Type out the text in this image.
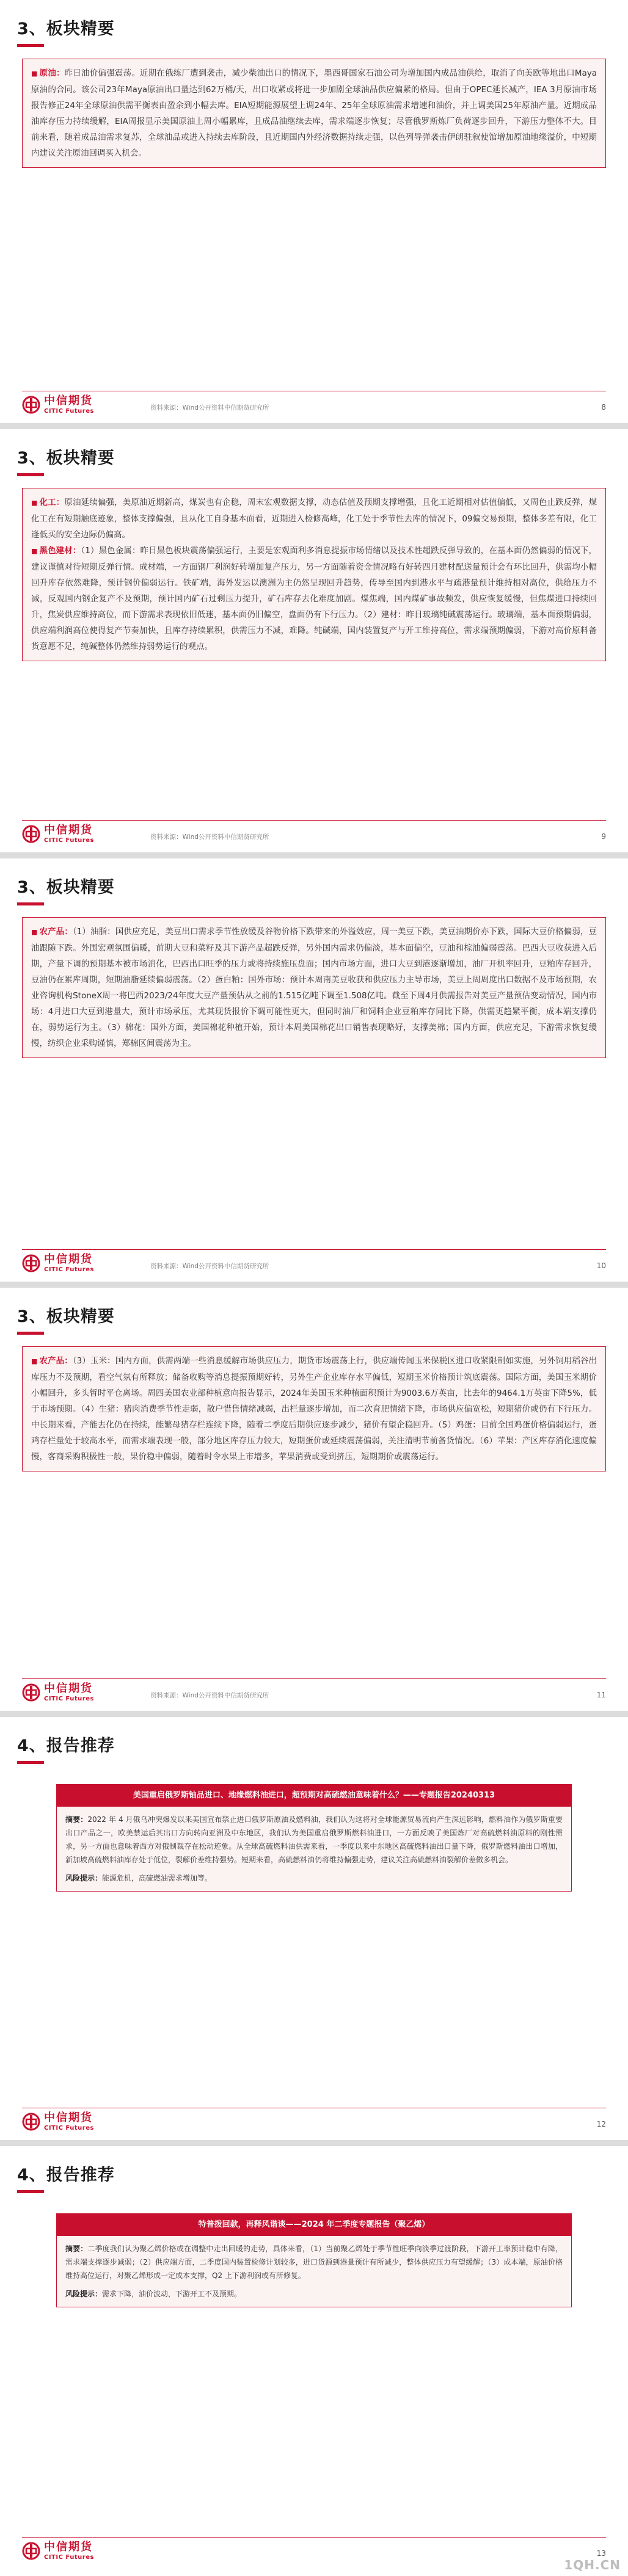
3、板块精要

■ 原油：昨日油价偏强震荡。近期在俄练厂遭到袭击，减少柴油出口的情况下，墨西哥国家石油公司为增加国内成品油供给，取消了向美欧等地出口Maya原油的合同。该公司23年Maya原油出口量达到62万桶/天，出口收紧或将进一步加剧全球油品供应偏紧的格局。但由于OPEC延长减产，IEA 3月原油市场报告修正24年全球原油供需平衡表由盈余到小幅去库。EIA短期能源展望上调24年、25年全球原油需求增速和油价，并上调美国25年原油产量。近期成品油库存压力持续缓解，EIA周报显示美国原油上周小幅累库，且成品油继续去库，需求端逐步恢复；尽管俄罗斯炼厂负荷逐步回升，下游压力整体不大。目前来看，随着成品油需求复苏，全球油品或进入持续去库阶段，且近期国内外经济数据持续走强，以色列导弹袭击伊朗驻叙使馆增加原油地缘溢价，中短期内建议关注原油回调买入机会。

中信期货
CITIC Futures	资料来源：Wind公开资料中信期货研究所	8
3、板块精要

■ 化工：原油延续偏强，美原油近期新高，煤炭也有企稳，周末宏观数据支撑，动态估值及预期支撑增强，且化工近期相对估值偏低，又周色止跌反弹，煤化工在有短期触底迹象，整体支撑偏强，且从化工自身基本面看，近期进入检修高峰，化工处于季节性去库的情况下，09偏交易预期，整体多差有限，化工逢低买的安全边际仍偏高。

■ 黑色建材：（1）黑色金属：昨日黑色板块震荡偏强运行，主要是宏观面利多消息提振市场情绪以及技术性超跌反弹导致的，在基本面仍然偏弱的情况下，建议谨慎对待短期反弹行情。成材端，一方面钢厂利润好转增加复产压力，另一方面随着资金情况略有好转四月建材配送量预计会有环比回升，供需均小幅回升库存依然难降，预计钢价偏弱运行。铁矿端，海外发运以澳洲为主仍然呈现回升趋势，传导至国内到港水平与疏港量预计维持相对高位，供给压力不减，反观国内钢企复产不及预期，预计国内矿石过剩压力提升，矿石库存去化难度加剧。煤焦端，国内煤矿事故频发，供应恢复缓慢，但焦煤进口持续回升，焦炭供应维持高位，而下游需求表现依旧低迷，基本面仍旧偏空，盘面仍有下行压力。（2）建材：昨日玻璃纯碱震荡运行。玻璃端，基本面预期偏弱，供应端利润高位使得复产节奏加快，且库存持续累积，供需压力不减，难降。纯碱端，国内装置复产与开工维持高位，需求端预期偏弱，下游对高价原料备货意愿不足，纯碱整体仍然维持弱势运行的观点。

中信期货
CITIC Futures	资料来源：Wind公开资料中信期货研究所	9
3、板块精要

■ 农产品：（1）油脂：国供应充足，美豆出口需求季节性放缓及谷物价格下跌带来的外溢效应，周一美豆下跌，美豆油期价亦下跌，国际大豆价格偏弱，豆油跟随下跌。外围宏观氛围偏暖，前期大豆和菜籽及其下游产品超跌反弹，另外国内需求仍偏淡，基本面偏空，豆油和棕油偏弱震荡。巴西大豆收获进入后期，产量下调的预期基本被市场消化，巴西出口旺季的压力或将持续施压盘面；国内市场方面，进口大豆到港逐渐增加，油厂开机率回升，豆粕库存回升，豆油仍在累库周期，短期油脂延续偏弱震荡。（2）蛋白粕：国外市场：预计本周南美豆收获和供应压力主导市场，美豆上周周度出口数据不及市场预期，农业咨询机构StoneX周一将巴西2023/24年度大豆产量预估从之前的1.515亿吨下调至1.508亿吨。截至下周4月供需报告对美豆产量预估变动情况，国内市场：4月进口大豆到港量大，预计市场承压，尤其现货报价下调可能性更大，但同时油厂和饲料企业豆粕库存同比下降，供需更趋紧平衡，成本端支撑仍在，弱势运行为主。（3）棉花：国外方面，美国棉花种植开始，预计本周美国棉花出口销售表现略好，支撑美棉；国内方面，供应充足，下游需求恢复缓慢，纺织企业采购谨慎，郑棉区间震荡为主。

中信期货
CITIC Futures	资料来源：Wind公开资料中信期货研究所	10
3、板块精要

■ 农产品：（3）玉米：国内方面，供需两端一些消息缓解市场供应压力，期货市场震荡上行，供应端传闻玉米保税区进口收紧限制如实施，另外饲用稻谷出库压力不及预期，看空气氛有所释放；储备收购等消息提振预期好转，另外生产企业库存水平偏低，短期玉米价格预计筑底震荡。国际方面，美国玉米期价小幅回升，多头暂时平仓离场。周四美国农业部种植意向报告显示，2024年美国玉米种植面积预计为9003.6万英亩，比去年的9464.1万英亩下降5%，低于市场预期。（4）生猪：猪肉消费季节性走弱，散户惜售情绪减弱，出栏量逐步增加，而二次育肥情绪下降，市场供应偏宽松，短期猪价或仍有下行压力。中长期来看，产能去化仍在持续，能繁母猪存栏连续下降，随着二季度后期供应逐步减少，猪价有望企稳回升。（5）鸡蛋：目前全国鸡蛋价格偏弱运行，蛋鸡存栏量处于较高水平，而需求端表现一般，部分地区库存压力较大，短期蛋价或延续震荡偏弱，关注清明节前备货情况。（6）苹果：产区库存消化速度偏慢，客商采购积极性一般，果价稳中偏弱，随着时令水果上市增多，苹果消费或受到挤压，短期期价或震荡运行。

中信期货
CITIC Futures	资料来源：Wind公开资料中信期货研究所	11
4、报告推荐
美国重启俄罗斯铀品进口、地缘燃料油进口，超预期对高硫燃油意味着什么？——专题报告20240313

摘要：2022 年 4 月俄乌冲突爆发以来美国宣布禁止进口俄罗斯原油及燃料油，我们认为这将对全球能源贸易流向产生深远影响，燃料油作为俄罗斯重要出口产品之一，欧美禁运后其出口方向转向亚洲及中东地区，我们认为美国重启俄罗斯燃料油进口，一方面反映了美国炼厂对高硫燃料油原料的刚性需求，另一方面也意味着西方对俄制裁存在松动迹象。从全球高硫燃料油供需来看，一季度以来中东地区高硫燃料油出口量下降，俄罗斯燃料油出口增加，新加坡高硫燃料油库存处于低位，裂解价差维持强势。短期来看，高硫燃料油仍将维持偏强走势，建议关注高硫燃料油裂解价差做多机会。

风险提示：能源危机，高硫燃油需求增加等。

中信期货
CITIC Futures	12
4、报告推荐
特普拨回款，再释风谐谈——2024 年二季度专题报告（聚乙烯）

摘要：二季度我们认为聚乙烯价格或在调整中走出回暖的走势，具体来看，（1）当前聚乙烯处于季节性旺季向淡季过渡阶段，下游开工率预计稳中有降，需求端支撑逐步减弱；（2）供应端方面，二季度国内装置检修计划较多，进口货源到港量预计有所减少，整体供应压力有望缓解；（3）成本端，原油价格维持高位运行，对聚乙烯形成一定成本支撑，Q2 上下游利润或有所修复。

风险提示：需求下降，油价波动，下游开工不及预期。

中信期货
CITIC Futures	13
1QH.CN
